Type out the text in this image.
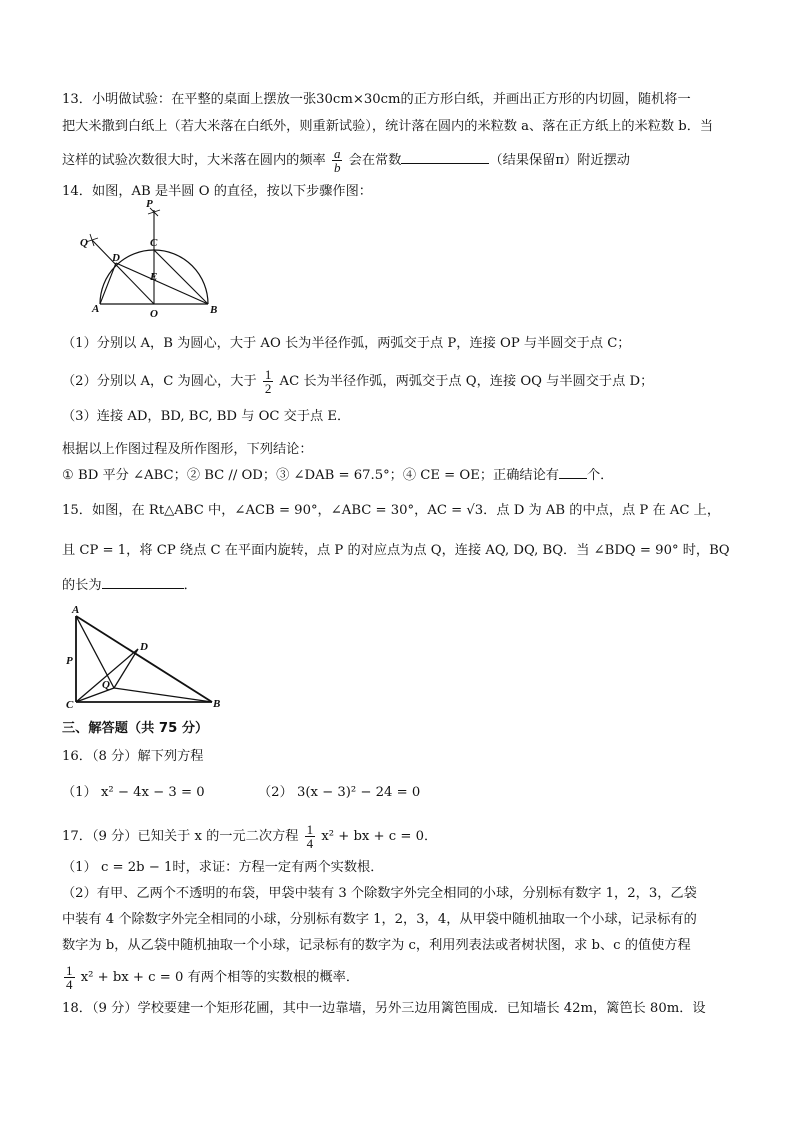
13．小明做试验：在平整的桌面上摆放一张30cm×30cm的正方形白纸，并画出正方形的内切圆，随机将一
把大米撒到白纸上（若大米落在白纸外，则重新试验），统计落在圆内的米粒数 a、落在正方纸上的米粒数 b．当
这样的试验次数很大时，大米落在圆内的频率 $\frac{a}{b}$ 会在常数	（结果保留π）附近摆动
14．如图，AB 是半圆 O 的直径，按以下步骤作图：
P
Q	C
D
E
A	O	B
（1）分别以 A，B 为圆心，大于 AO 长为半径作弧，两弧交于点 P，连接 OP 与半圆交于点 C；
（2）分别以 A，C 为圆心，大于 $\frac{1}{2}$ AC 长为半径作弧，两弧交于点 Q，连接 OQ 与半圆交于点 D；
（3）连接 AD，BD, BC, BD 与 OC 交于点 E．
根据以上作图过程及所作图形，下列结论：
① BD 平分 ∠ABC；② BC // OD；③ ∠DAB = 67.5°；④ CE = OE；正确结论有 个．
15．如图，在 Rt△ABC 中，∠ACB = 90°，∠ABC = 30°，AC = √3．点 D 为 AB 的中点，点 P 在 AC 上，
且 CP = 1，将 CP 绕点 C 在平面内旋转，点 P 的对应点为点 Q，连接 AQ, DQ, BQ．当 ∠BDQ = 90° 时，BQ
的长为	．
A
D
P
Q
C	B
三、解答题（共 75 分）
16．（8 分）解下列方程
（1） x² − 4x − 3 = 0	（2） 3(x − 3)² − 24 = 0
17．（9 分）已知关于 x 的一元二次方程 $\frac{1}{4} x^2$ + bx + c = 0．
（1） c = 2b − 1时，求证：方程一定有两个实数根．
（2）有甲、乙两个不透明的布袋，甲袋中装有 3 个除数字外完全相同的小球，分别标有数字 1，2，3，乙袋
中装有 4 个除数字外完全相同的小球，分别标有数字 1，2，3，4，从甲袋中随机抽取一个小球，记录标有的
数字为 b，从乙袋中随机抽取一个小球，记录标有的数字为 c，利用列表法或者树状图，求 b、c 的值使方程
$\frac{1}{4} x^2$ + bx + c = 0 有两个相等的实数根的概率．
18．（9 分）学校要建一个矩形花圃，其中一边靠墙，另外三边用篱笆围成．已知墙长 42m，篱笆长 80m．设
